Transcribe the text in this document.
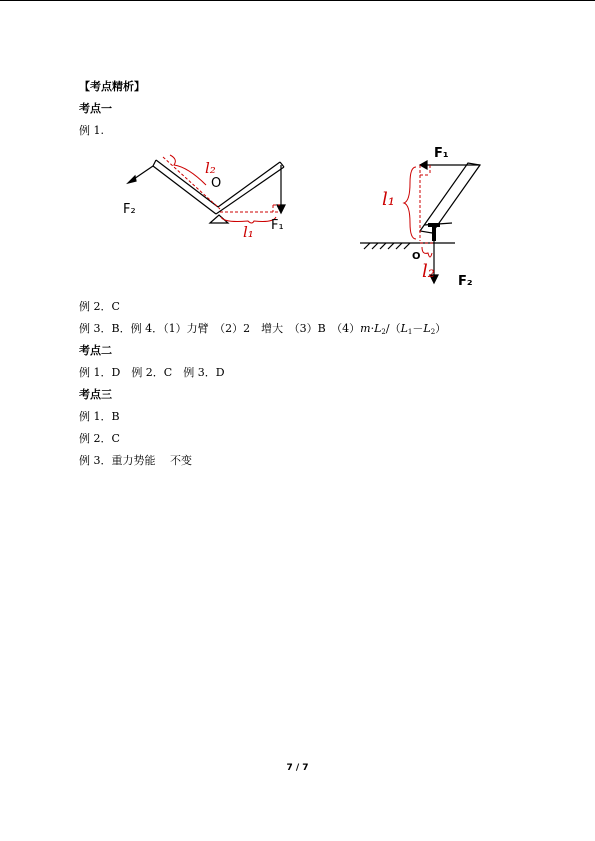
【考点精析】
考点一
例 1.
F₂
O
l₂
l₁ F₁
F₁
l₁
O
l₂ F₂
例 2．C
例 3．B．例 4．（1）力臂　（2）2　增大　（3）B　$(4)m\cdot L_2/(L_1-L_2)$
考点二
例 1．D　例 2．C　例 3．D
考点三
例 1．B
例 2．C
例 3．重力势能　 不变
7 / 7
